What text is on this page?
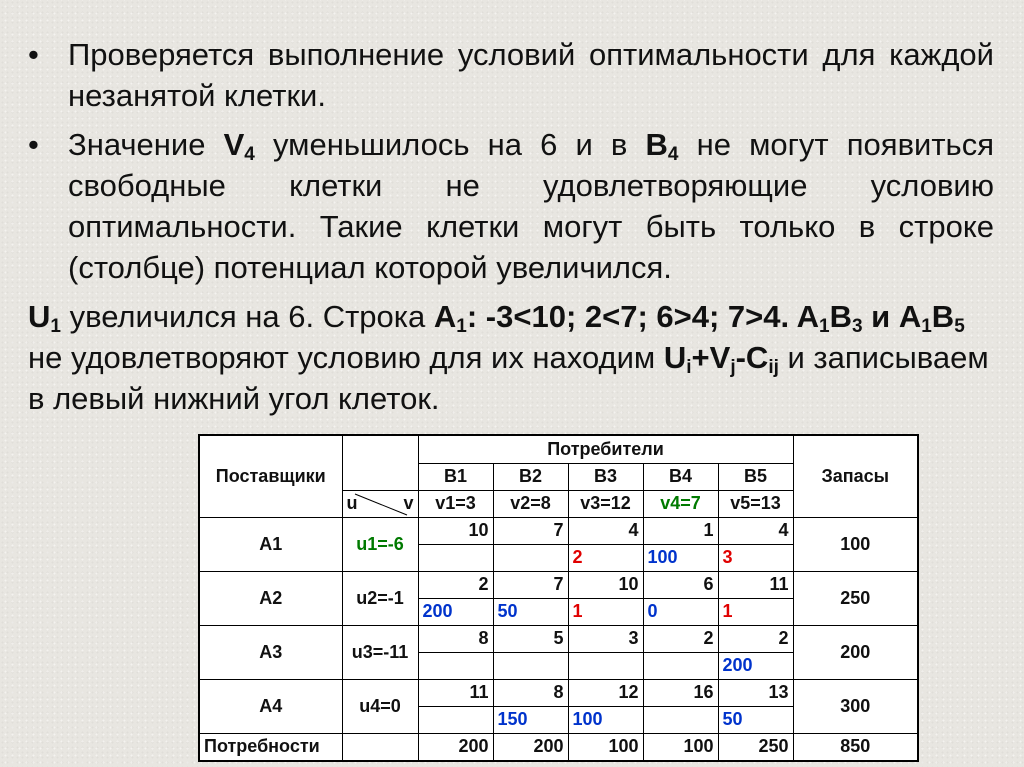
• Проверяется выполнение условий оптимальности для каждой незанятой клетки.
• Значение $V_4$ уменьшилось на 6 и в $B_4$ не могут появиться свободные клетки не удовлетворяющие условию оптимальности. Такие клетки могут быть только в строке (столбце) потенциал которой увеличился.
$U_1$ увеличился на 6. Строка $A_1$: -3<10; 2<7; 6>4; 7>4. $A_1B_3$ и $A_1B_5$ не удовлетворяют условию для их находим $U_i+V_j-C_{ij}$ и записываем в левый нижний угол клеток.
Поставщики		Потребители					Запасы
		B1	B2	B3	B4	B5	

	u v	v1=3	v2=8	v3=12	v4=7	v5=13	
A1	u1=-6	10	7	4	1	4	100
				2	100	3	
A2	u2=-1	2	7	10	6	11	250
		200	50	1	0	1	
A3	u3=-11	8	5	3	2	2	200
						200	
A4	u4=0	11	8	12	16	13	300
			150	100		50	
Потребности		200	200	100	100	250	850
